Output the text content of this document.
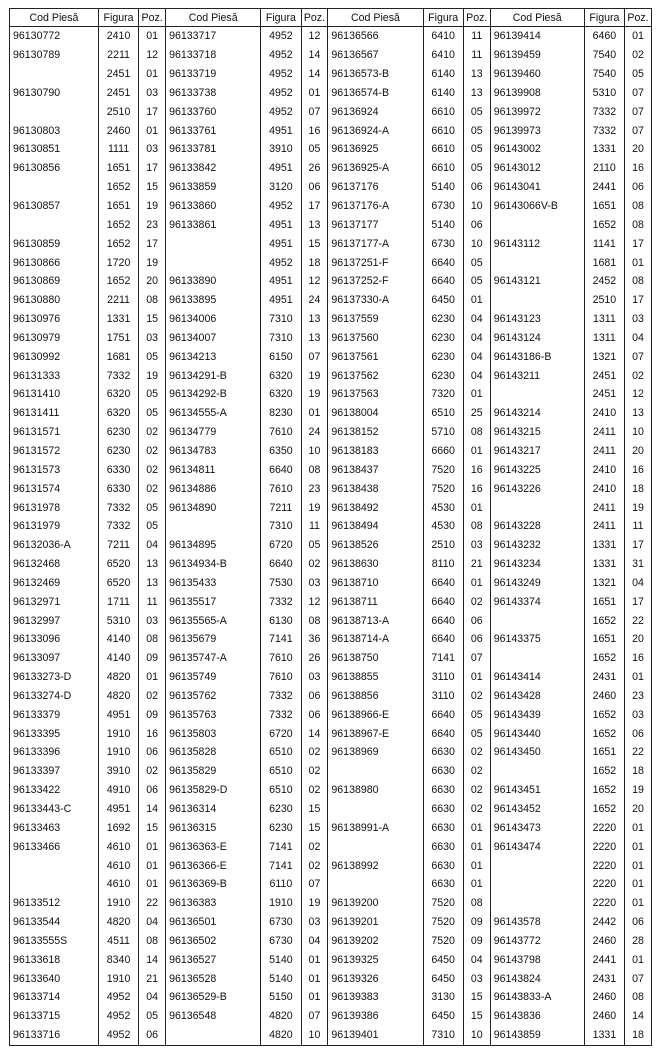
Cod Piesă	Figura	Poz.	Cod Piesă	Figura	Poz.	Cod Piesă	Figura	Poz.	Cod Piesă	Figura	Poz.
96130772	2410	01	96133717	4952	12	96136566	6410	11	96139414	6460	01
96130789	2211	12	96133718	4952	14	96136567	6410	11	96139459	7540	02
	2451	01	96133719	4952	14	96136573-B	6140	13	96139460	7540	05
96130790	2451	03	96133738	4952	01	96136574-B	6140	13	96139908	5310	07
	2510	17	96133760	4952	07	96136924	6610	05	96139972	7332	07
96130803	2460	01	96133761	4951	16	96136924-A	6610	05	96139973	7332	07
96130851	1111	03	96133781	3910	05	96136925	6610	05	96143002	1331	20
96130856	1651	17	96133842	4951	26	96136925-A	6610	05	96143012	2110	16
	1652	15	96133859	3120	06	96137176	5140	06	96143041	2441	06
96130857	1651	19	96133860	4952	17	96137176-A	6730	10	96143066V-B	1651	08
	1652	23	96133861	4951	13	96137177	5140	06		1652	08
96130859	1652	17		4951	15	96137177-A	6730	10	96143112	1141	17
96130866	1720	19		4952	18	96137251-F	6640	05		1681	01
96130869	1652	20	96133890	4951	12	96137252-F	6640	05	96143121	2452	08
96130880	2211	08	96133895	4951	24	96137330-A	6450	01		2510	17
96130976	1331	15	96134006	7310	13	96137559	6230	04	96143123	1311	03
96130979	1751	03	96134007	7310	13	96137560	6230	04	96143124	1311	04
96130992	1681	05	96134213	6150	07	96137561	6230	04	96143186-B	1321	07
96131333	7332	19	96134291-B	6320	19	96137562	6230	04	96143211	2451	02
96131410	6320	05	96134292-B	6320	19	96137563	7320	01		2451	12
96131411	6320	05	96134555-A	8230	01	96138004	6510	25	96143214	2410	13
96131571	6230	02	96134779	7610	24	96138152	5710	08	96143215	2411	10
96131572	6230	02	96134783	6350	10	96138183	6660	01	96143217	2411	20
96131573	6330	02	96134811	6640	08	96138437	7520	16	96143225	2410	16
96131574	6330	02	96134886	7610	23	96138438	7520	16	96143226	2410	18
96131978	7332	05	96134890	7211	19	96138492	4530	01		2411	19
96131979	7332	05		7310	11	96138494	4530	08	96143228	2411	11
96132036-A	7211	04	96134895	6720	05	96138526	2510	03	96143232	1331	17
96132468	6520	13	96134934-B	6640	02	96138630	8110	21	96143234	1331	31
96132469	6520	13	96135433	7530	03	96138710	6640	01	96143249	1321	04
96132971	1711	11	96135517	7332	12	96138711	6640	02	96143374	1651	17
96132997	5310	03	96135565-A	6130	08	96138713-A	6640	06		1652	22
96133096	4140	08	96135679	7141	36	96138714-A	6640	06	96143375	1651	20
96133097	4140	09	96135747-A	7610	26	96138750	7141	07		1652	16
96133273-D	4820	01	96135749	7610	03	96138855	3110	01	96143414	2431	01
96133274-D	4820	02	96135762	7332	06	96138856	3110	02	96143428	2460	23
96133379	4951	09	96135763	7332	06	96138966-E	6640	05	96143439	1652	03
96133395	1910	16	96135803	6720	14	96138967-E	6640	05	96143440	1652	06
96133396	1910	06	96135828	6510	02	96138969	6630	02	96143450	1651	22
96133397	3910	02	96135829	6510	02		6630	02		1652	18
96133422	4910	06	96135829-D	6510	02	96138980	6630	02	96143451	1652	19
96133443-C	4951	14	96136314	6230	15		6630	02	96143452	1652	20
96133463	1692	15	96136315	6230	15	96138991-A	6630	01	96143473	2220	01
96133466	4610	01	96136363-E	7141	02		6630	01	96143474	2220	01
	4610	01	96136366-E	7141	02	96138992	6630	01		2220	01
	4610	01	96136369-B	6110	07		6630	01		2220	01
96133512	1910	22	96136383	1910	19	96139200	7520	08		2220	01
96133544	4820	04	96136501	6730	03	96139201	7520	09	96143578	2442	06
96133555S	4511	08	96136502	6730	04	96139202	7520	09	96143772	2460	28
96133618	8340	14	96136527	5140	01	96139325	6450	04	96143798	2441	01
96133640	1910	21	96136528	5140	01	96139326	6450	03	96143824	2431	07
96133714	4952	04	96136529-B	5150	01	96139383	3130	15	96143833-A	2460	08
96133715	4952	05	96136548	4820	07	96139386	6450	15	96143836	2460	14
96133716	4952	06		4820	10	96139401	7310	10	96143859	1331	18
